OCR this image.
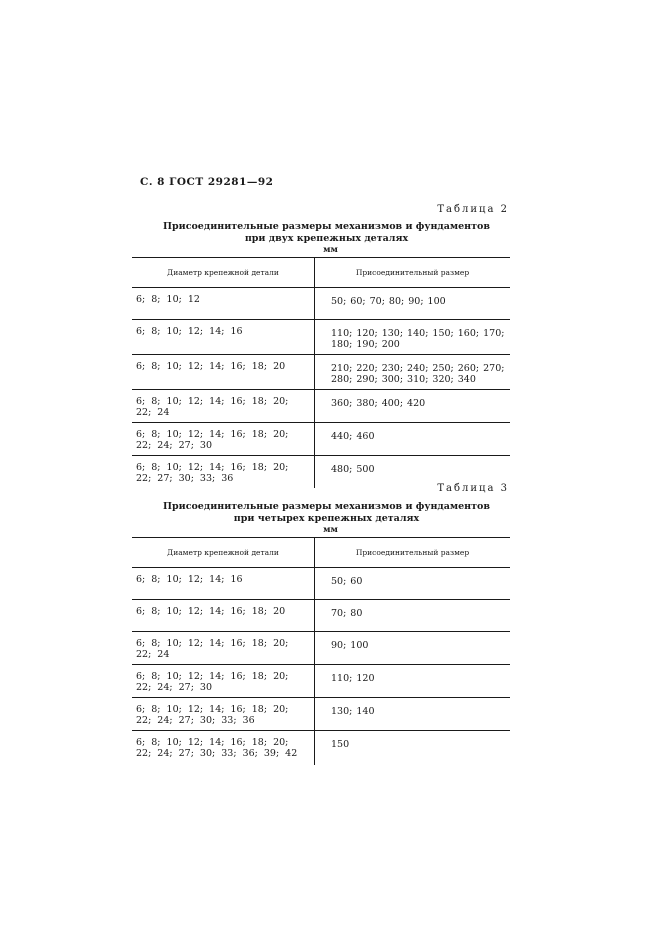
С. 8 ГОСТ 29281—92
Таблица 2
Присоединительные размеры механизмов и фундаментов
при двух крепежных деталях
мм
Диаметр крепежной детали	Присоединительный размер
6; 8; 10; 12	50; 60; 70; 80; 90; 100
6; 8; 10; 12; 14; 16	110; 120; 130; 140; 150; 160; 170; 180; 190; 200
6; 8; 10; 12; 14; 16; 18; 20	210; 220; 230; 240; 250; 260; 270; 280; 290; 300; 310; 320; 340
6; 8; 10; 12; 14; 16; 18; 20; 22; 24	360; 380; 400; 420
6; 8; 10; 12; 14; 16; 18; 20; 22; 24; 27; 30	440; 460
6; 8; 10; 12; 14; 16; 18; 20; 22; 27; 30; 33; 36	480; 500
Таблица 3
Присоединительные размеры механизмов и фундаментов
при четырех крепежных деталях
мм
Диаметр крепежной детали	Присоединительный размер
6; 8; 10; 12; 14; 16	50; 60
6; 8; 10; 12; 14; 16; 18; 20	70; 80
6; 8; 10; 12; 14; 16; 18; 20; 22; 24	90; 100
6; 8; 10; 12; 14; 16; 18; 20; 22; 24; 27; 30	110; 120
6; 8; 10; 12; 14; 16; 18; 20; 22; 24; 27; 30; 33; 36	130; 140
6; 8; 10; 12; 14; 16; 18; 20; 22; 24; 27; 30; 33; 36; 39; 42	150
